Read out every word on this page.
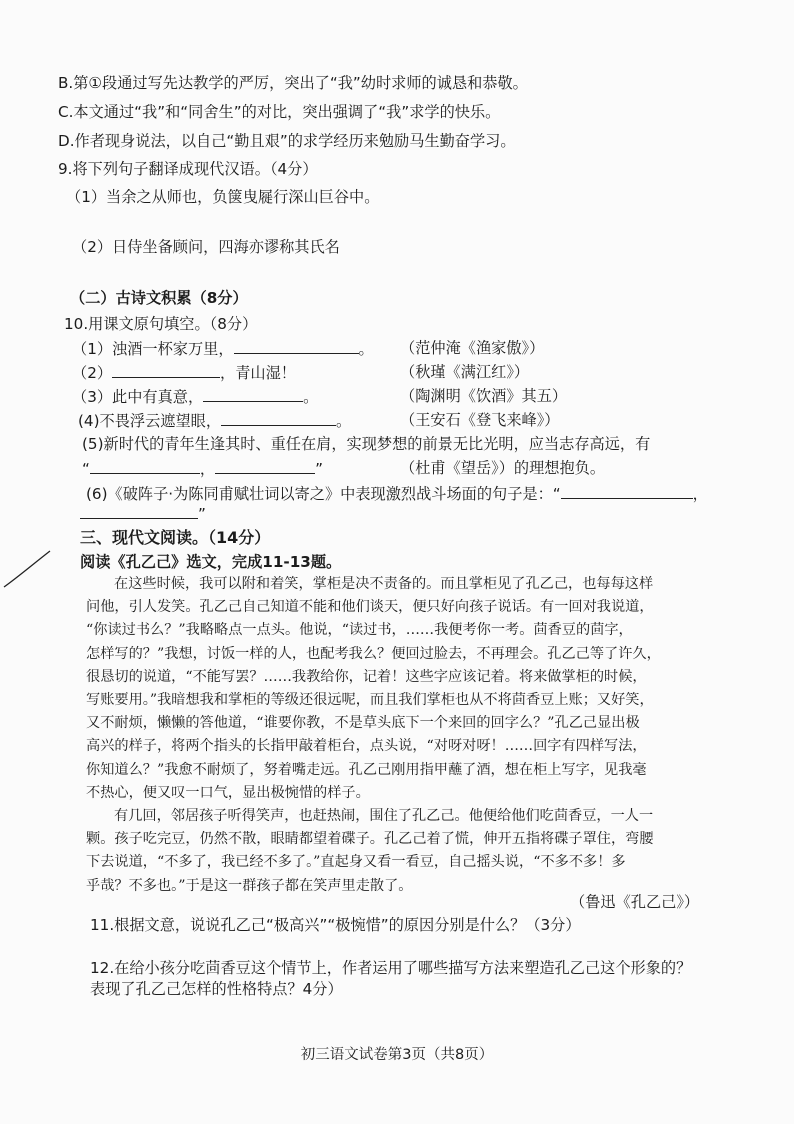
B.第①段通过写先达教学的严厉，突出了“我”幼时求师的诚恳和恭敬。
C.本文通过“我”和“同舍生”的对比，突出强调了“我”求学的快乐。
D.作者现身说法，以自己“勤且艰”的求学经历来勉励马生勤奋学习。
9.将下列句子翻译成现代汉语。（4分）
（1）当余之从师也，负箧曳屣行深山巨谷中。
（2）日侍坐备顾问，四海亦谬称其氏名
（二）古诗文积累（8分）
10.用课文原句填空。（8分）
（1）浊酒一杯家万里，	。 （范仲淹《渔家傲》）
（2）	，青山湿！	（秋瑾《满江红》）
（3）此中有真意，	。	（陶渊明《饮酒》其五）
(4)不畏浮云遮望眼，	。	（王安石《登飞来峰》）
(5)新时代的青年生逢其时、重任在肩，实现梦想的前景无比光明，应当志存高远，有
“	，	”	（杜甫《望岳》）的理想抱负。
(6)《破阵子·为陈同甫赋壮词以寄之》中表现激烈战斗场面的句子是：“	，
”
三、现代文阅读。（14分）
阅读《孔乙己》选文，完成11-13题。
在这些时候，我可以附和着笑，掌柜是决不责备的。而且掌柜见了孔乙己，也每每这样
问他，引人发笑。孔乙己自己知道不能和他们谈天，便只好向孩子说话。有一回对我说道，
“你读过书么？”我略略点一点头。他说，“读过书，……我便考你一考。茴香豆的茴字，
怎样写的？”我想，讨饭一样的人，也配考我么？便回过脸去，不再理会。孔乙己等了许久，
很恳切的说道，“不能写罢？……我教给你，记着！这些字应该记着。将来做掌柜的时候，
写账要用。”我暗想我和掌柜的等级还很远呢，而且我们掌柜也从不将茴香豆上账；又好笑，
又不耐烦，懒懒的答他道，“谁要你教，不是草头底下一个来回的回字么？”孔乙己显出极
高兴的样子，将两个指头的长指甲敲着柜台，点头说，“对呀对呀！……回字有四样写法，
你知道么？”我愈不耐烦了，努着嘴走远。孔乙己刚用指甲蘸了酒，想在柜上写字，见我毫
不热心，便又叹一口气，显出极惋惜的样子。
有几回，邻居孩子听得笑声，也赶热闹，围住了孔乙己。他便给他们吃茴香豆，一人一
颗。孩子吃完豆，仍然不散，眼睛都望着碟子。孔乙己着了慌，伸开五指将碟子罩住，弯腰
下去说道，“不多了，我已经不多了。”直起身又看一看豆，自己摇头说，“不多不多！多
乎哉？不多也。”于是这一群孩子都在笑声里走散了。
（鲁迅《孔乙己》）
11.根据文意，说说孔乙己“极高兴”“极惋惜”的原因分别是什么？（3分）
12.在给小孩分吃茴香豆这个情节上，作者运用了哪些描写方法来塑造孔乙己这个形象的？
表现了孔乙己怎样的性格特点？4分）
初三语文试卷第3页（共8页）
